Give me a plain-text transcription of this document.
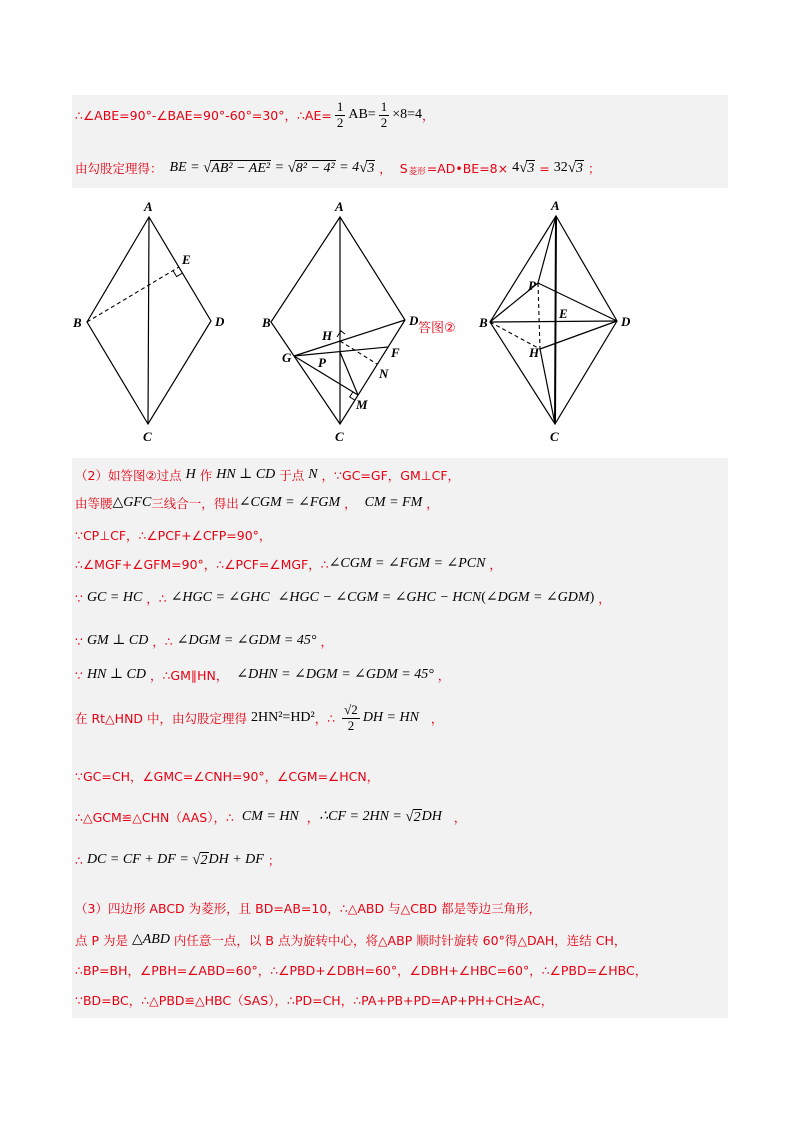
∴∠ABE=90°-∠BAE=90°-60°=30°，∴AE= $\frac{1}{2} AB= \frac{1}{2} \times 8=4$ ，
由勾股定理得： BE = √ AB² − AE² = √ 8² − 4² = 4 √ 3 ，  S 菱形 =AD•BE=8× 4 √ 3 = 32 √ 3 ；
A
E
B	D
C
A
B	D
H
G P
F
N
M
C
答图②
A
P
B
E
D
H
C
（2）如答图②过点 H 作 HN ⊥ CD 于点 N ，∵GC=GF，GM⊥CF，
由等腰 △GFC 三线合一，得出 ∠CGM = ∠FGM ， CM = FM ，
∵CP⊥CF，∴∠PCF+∠CFP=90°，
∴∠MGF+∠GFM=90°，∴∠PCF=∠MGF，∴ ∠CGM = ∠FGM = ∠PCN ，
∵ GC = HC ，∴ ∠HGC = ∠GHC
∠HGC − ∠CGM = ∠GHC − HCN ( ∠DGM = ∠GDM ) ，
∵ GM ⊥ CD ，∴ ∠DGM = ∠GDM = 45° ，
∵ HN ⊥ CD ，∴GM∥HN， ∠DHN = ∠DGM = ∠GDM = 45° ，
在 Rt△HND 中，由勾股定理得 2HN²=HD² ，∴ $\frac{√2}{2}$ DH = HN ，
∵GC=CH，∠GMC=∠CNH=90°，∠CGM=∠HCN，
∴△GCM≌△CHN（AAS），∴ CM = HN ， ∴CF = 2HN = √ 2 DH ，
∴ DC = CF + DF = √ 2 DH + DF ；
（3）四边形 ABCD 为菱形，且 BD=AB=10，∴△ABD 与△CBD 都是等边三角形，
点 P 为是 △ABD 内任意一点，以 B 点为旋转中心，将△ABP 顺时针旋转 60°得△DAH，连结 CH，
∴BP=BH，∠PBH=∠ABD=60°，∴∠PBD+∠DBH=60°，∠DBH+∠HBC=60°，∴∠PBD=∠HBC，
∵BD=BC，∴△PBD≌△HBC（SAS），∴PD=CH，∴PA+PB+PD=AP+PH+CH≥AC，
